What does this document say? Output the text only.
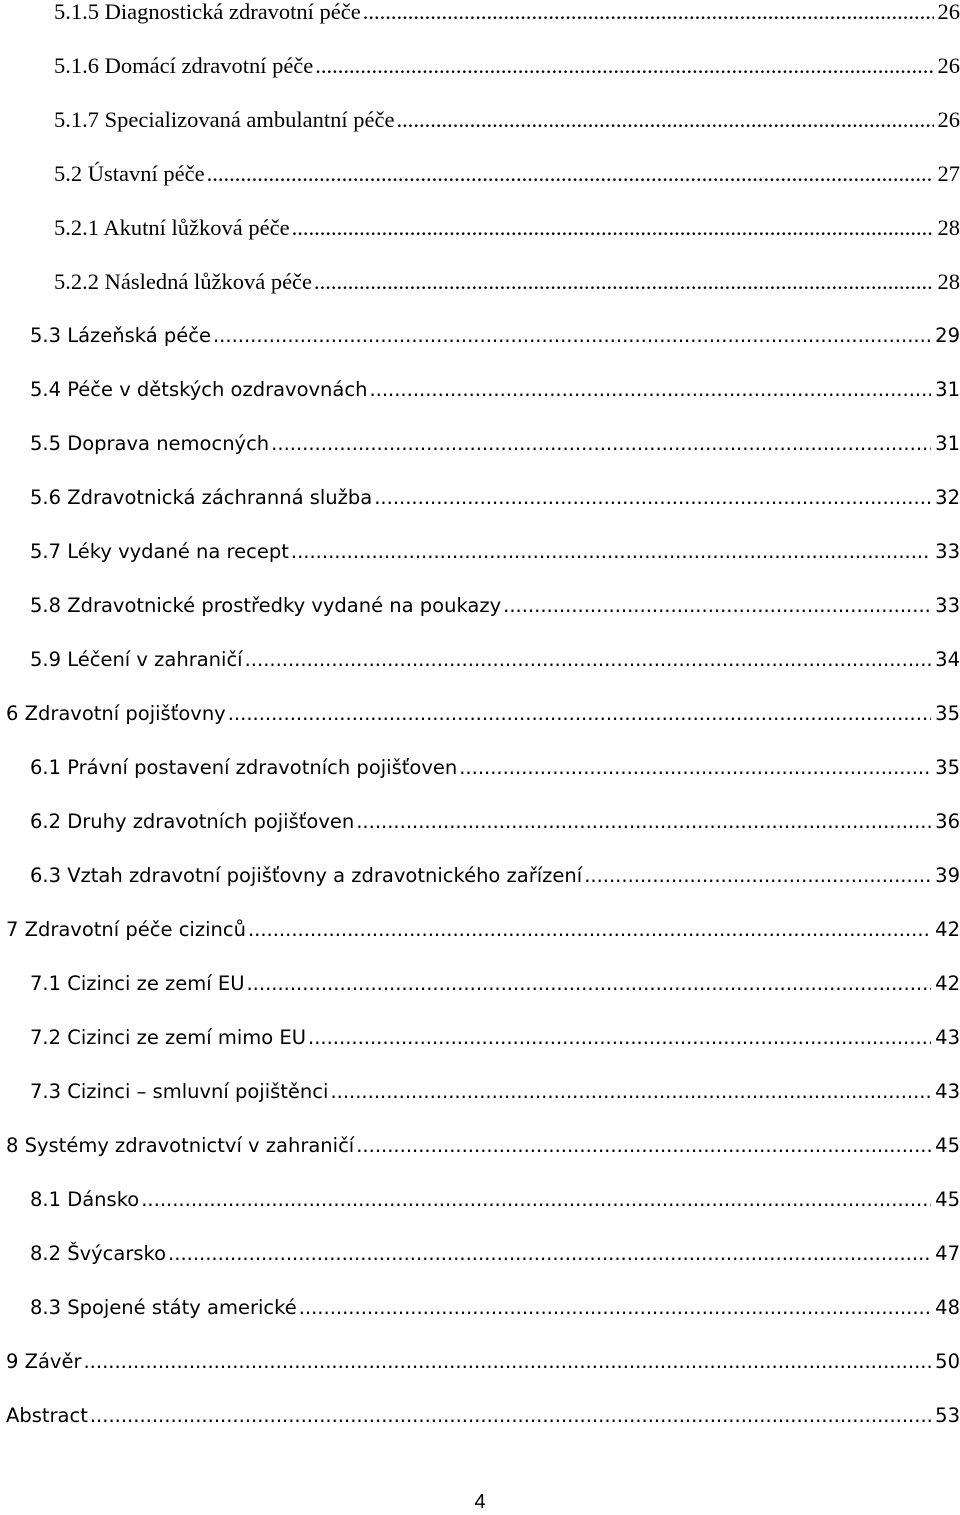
5.1.5 Diagnostická zdravotní péče .....	26
5.1.6 Domácí zdravotní péče .....	26
5.1.7 Specializovaná ambulantní péče .....	26
5.2 Ústavní péče .....	27
5.2.1 Akutní lůžková péče .....	28
5.2.2 Následná lůžková péče .....	28
5.3 Lázeňská péče .....	29
5.4 Péče v dětských ozdravovnách .....	31
5.5 Doprava nemocných .....	31
5.6 Zdravotnická záchranná služba .....	32
5.7 Léky vydané na recept .....	33
5.8 Zdravotnické prostředky vydané na poukazy .....	33
5.9 Léčení v zahraničí .....	34
6 Zdravotní pojišťovny .....	35
6.1 Právní postavení zdravotních pojišťoven .....	35
6.2 Druhy zdravotních pojišťoven .....	36
6.3 Vztah zdravotní pojišťovny a zdravotnického zařízení .....	39
7 Zdravotní péče cizinců .....	42
7.1 Cizinci ze zemí EU .....	42
7.2 Cizinci ze zemí mimo EU .....	43
7.3 Cizinci – smluvní pojištěnci .....	43
8 Systémy zdravotnictví v zahraničí .....	45
8.1 Dánsko .....	45
8.2 Švýcarsko .....	47
8.3 Spojené státy americké .....	48
9 Závěr .....	50
Abstract .....	53
4
